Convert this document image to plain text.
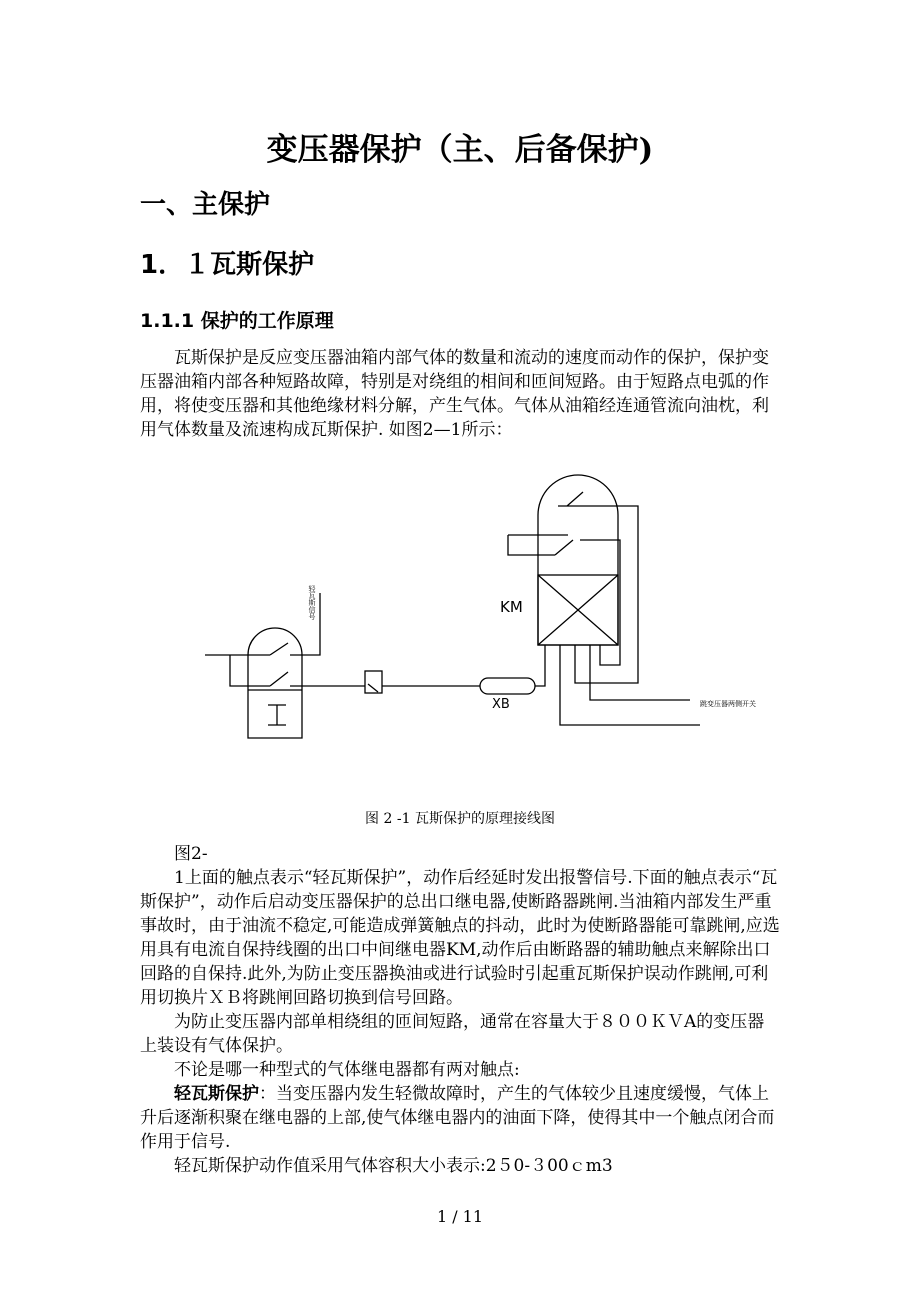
变压器保护（主、后备保护)
一、主保护
1．１瓦斯保护
1.1.1 保护的工作原理

瓦斯保护是反应变压器油箱内部气体的数量和流动的速度而动作的保护，保护变压器油箱内部各种短路故障，特别是对绕组的相间和匝间短路。由于短路点电弧的作用，将使变压器和其他绝缘材料分解，产生气体。气体从油箱经连通管流向油枕，利用气体数量及流速构成瓦斯保护. 如图2—1所示：

KM
XB
轻瓦斯信号
跳变压器两侧开关
图 2 -1 瓦斯保护的原理接线图

图2-

1上面的触点表示“轻瓦斯保护”，动作后经延时发出报警信号.下面的触点表示“瓦斯保护”，动作后启动变压器保护的总出口继电器,使断路器跳闸.当油箱内部发生严重事故时，由于油流不稳定,可能造成弹簧触点的抖动，此时为使断路器能可靠跳闸,应选用具有电流自保持线圈的出口中间继电器KM,动作后由断路器的辅助触点来解除出口回路的自保持.此外,为防止变压器换油或进行试验时引起重瓦斯保护误动作跳闸,可利用切换片ＸＢ将跳闸回路切换到信号回路。

为防止变压器内部单相绕组的匝间短路，通常在容量大于８００ＫＶA的变压器上装设有气体保护。

不论是哪一种型式的气体继电器都有两对触点:

轻瓦斯保护：当变压器内发生轻微故障时，产生的气体较少且速度缓慢，气体上升后逐渐积聚在继电器的上部,使气体继电器内的油面下降，使得其中一个触点闭合而作用于信号.

轻瓦斯保护动作值采用气体容积大小表示:2５0-３00ｃm3

1 / 11
